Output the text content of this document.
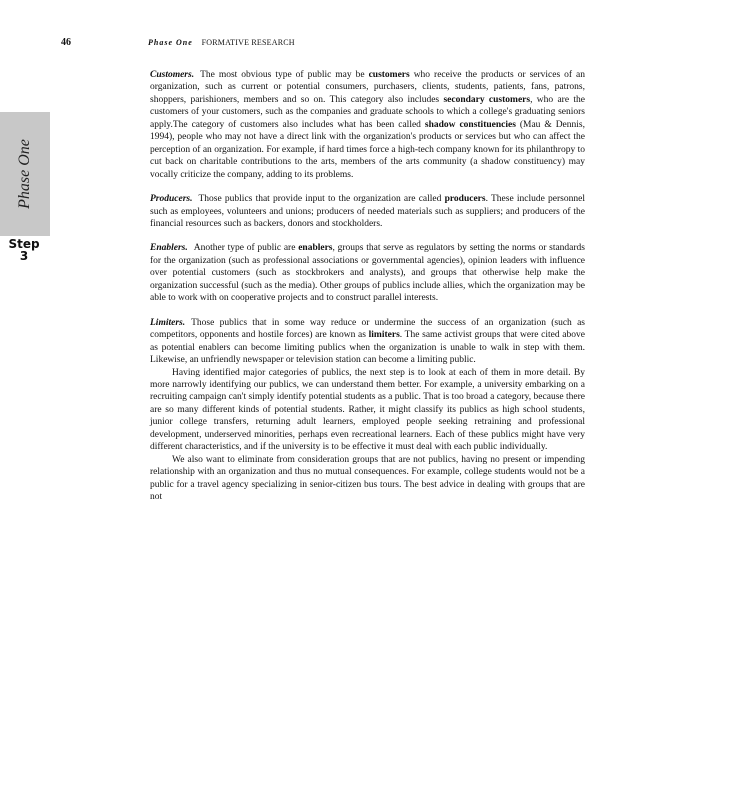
46	Phase One FORMATIVE RESEARCH
Phase One
Step
3

Customers. The most obvious type of public may be customers who receive the products or services of an organization, such as current or potential consumers, purchasers, clients, students, patients, fans, patrons, shoppers, parishioners, members and so on. This category also includes secondary customers, who are the customers of your customers, such as the companies and graduate schools to which a college's graduating seniors apply.The category of customers also includes what has been called shadow constituencies (Mau & Dennis, 1994), people who may not have a direct link with the organization's products or services but who can affect the perception of an organization. For example, if hard times force a high-tech company known for its philanthropy to cut back on charitable contributions to the arts, members of the arts community (a shadow constituency) may vocally criticize the company, adding to its problems.

Producers. Those publics that provide input to the organization are called producers. These include personnel such as employees, volunteers and unions; producers of needed materials such as suppliers; and producers of the financial resources such as backers, donors and stockholders.

Enablers. Another type of public are enablers, groups that serve as regulators by setting the norms or standards for the organization (such as professional associations or governmental agencies), opinion leaders with influence over potential customers (such as stockbrokers and analysts), and groups that otherwise help make the organization successful (such as the media). Other groups of publics include allies, which the organization may be able to work with on cooperative projects and to construct parallel interests.

Limiters. Those publics that in some way reduce or undermine the success of an organization (such as competitors, opponents and hostile forces) are known as limiters. The same activist groups that were cited above as potential enablers can become limiting publics when the organization is unable to walk in step with them. Likewise, an unfriendly newspaper or television station can become a limiting public.

Having identified major categories of publics, the next step is to look at each of them in more detail. By more narrowly identifying our publics, we can understand them better. For example, a university embarking on a recruiting campaign can't simply identify potential students as a public. That is too broad a category, because there are so many different kinds of potential students. Rather, it might classify its publics as high school students, junior college transfers, returning adult learners, employed people seeking retraining and professional development, underserved minorities, perhaps even recreational learners. Each of these publics might have very different characteristics, and if the university is to be effective it must deal with each public individually.

We also want to eliminate from consideration groups that are not publics, having no present or impending relationship with an organization and thus no mutual consequences. For example, college students would not be a public for a travel agency specializing in senior-citizen bus tours. The best advice in dealing with groups that are not
